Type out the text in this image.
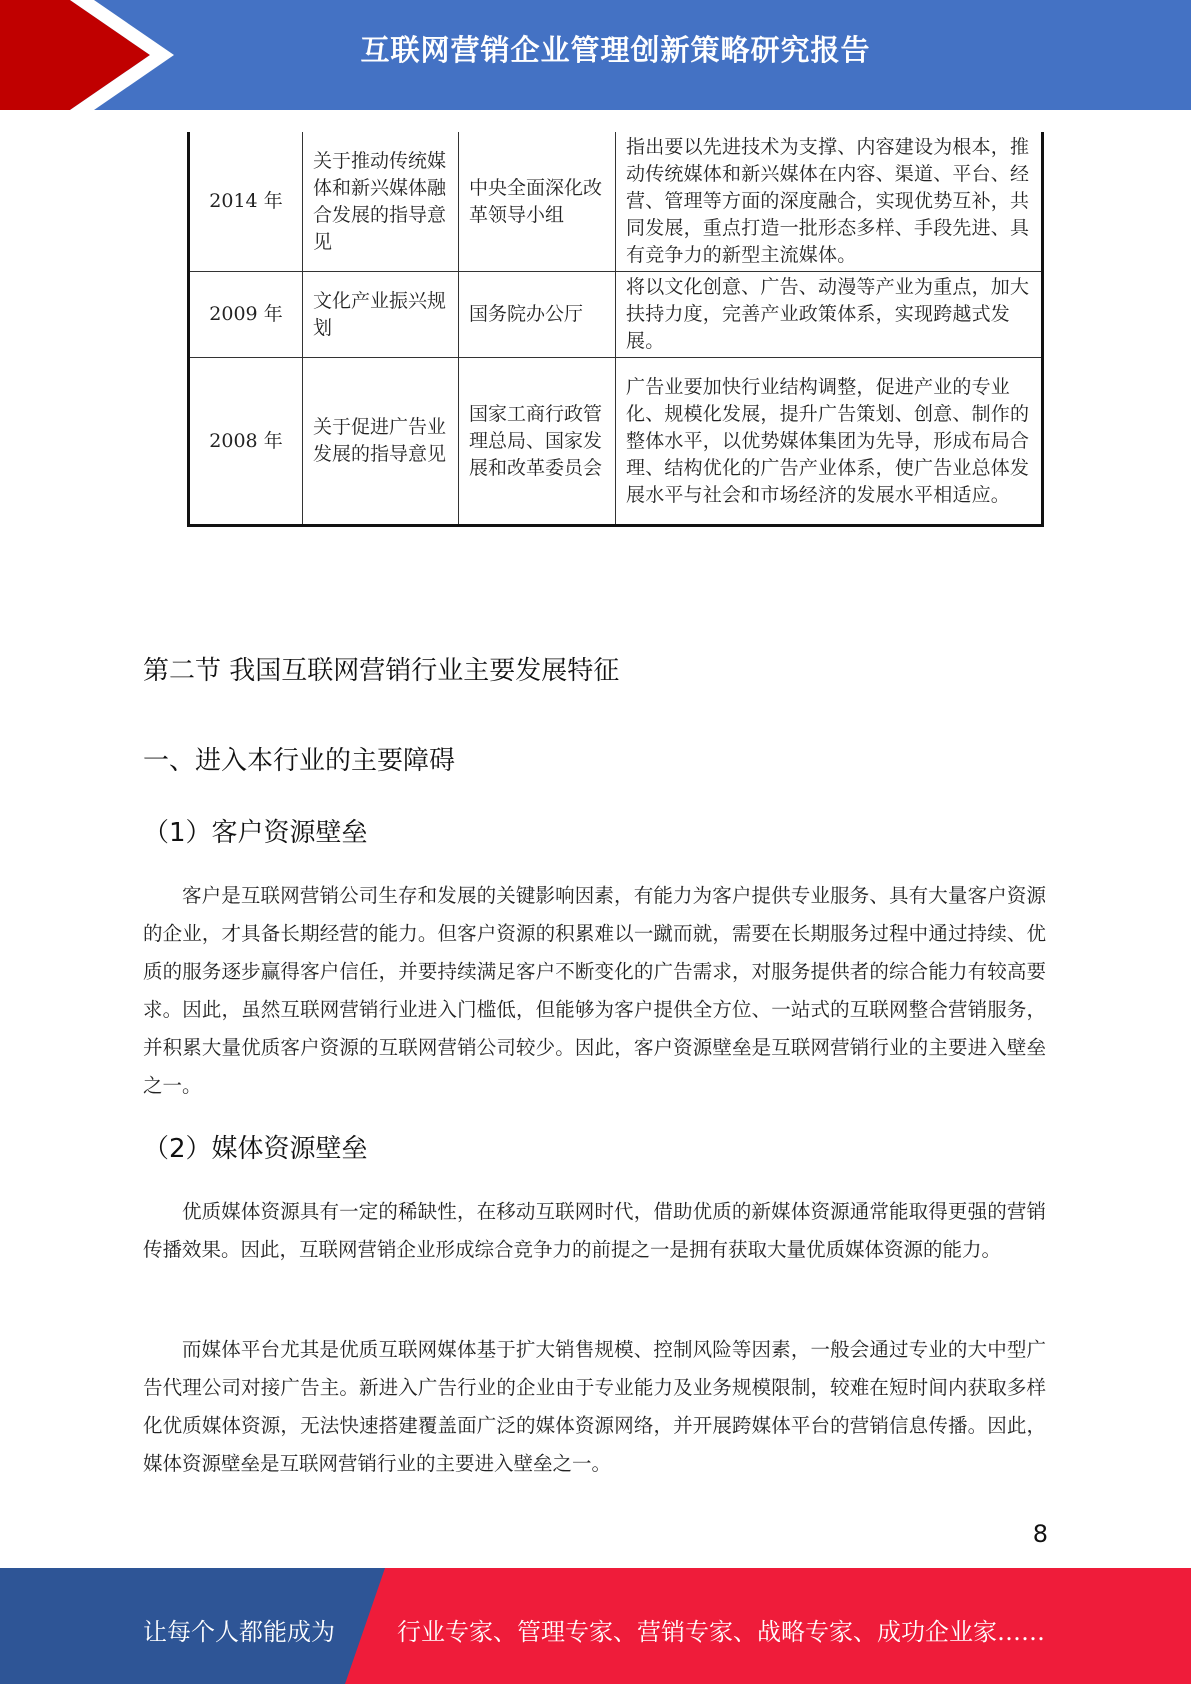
互联网营销企业管理创新策略研究报告
2014 年	关于推动传统媒体和新兴媒体融合发展的指导意见	中央全面深化改革领导小组	指出要以先进技术为支撑、内容建设为根本，推动传统媒体和新兴媒体在内容、渠道、平台、经营、管理等方面的深度融合，实现优势互补，共同发展，重点打造一批形态多样、手段先进、具有竞争力的新型主流媒体。
2009 年	文化产业振兴规划	国务院办公厅	将以文化创意、广告、动漫等产业为重点，加大扶持力度，完善产业政策体系，实现跨越式发展。
2008 年	关于促进广告业发展的指导意见	国家工商行政管理总局、国家发展和改革委员会	广告业要加快行业结构调整，促进产业的专业化、规模化发展，提升广告策划、创意、制作的整体水平，以优势媒体集团为先导，形成布局合理、结构优化的广告产业体系，使广告业总体发展水平与社会和市场经济的发展水平相适应。
第二节 我国互联网营销行业主要发展特征
一、进入本行业的主要障碍
（1）客户资源壁垒

客户是互联网营销公司生存和发展的关键影响因素，有能力为客户提供专业服务、具有大量客户资源的企业，才具备长期经营的能力。但客户资源的积累难以一蹴而就，需要在长期服务过程中通过持续、优质的服务逐步赢得客户信任，并要持续满足客户不断变化的广告需求，对服务提供者的综合能力有较高要求。因此，虽然互联网营销行业进入门槛低，但能够为客户提供全方位、一站式的互联网整合营销服务，并积累大量优质客户资源的互联网营销公司较少。因此，客户资源壁垒是互联网营销行业的主要进入壁垒之一。

（2）媒体资源壁垒

优质媒体资源具有一定的稀缺性，在移动互联网时代，借助优质的新媒体资源通常能取得更强的营销传播效果。因此，互联网营销企业形成综合竞争力的前提之一是拥有获取大量优质媒体资源的能力。

而媒体平台尤其是优质互联网媒体基于扩大销售规模、控制风险等因素，一般会通过专业的大中型广告代理公司对接广告主。新进入广告行业的企业由于专业能力及业务规模限制，较难在短时间内获取多样化优质媒体资源，无法快速搭建覆盖面广泛的媒体资源网络，并开展跨媒体平台的营销信息传播。因此，媒体资源壁垒是互联网营销行业的主要进入壁垒之一。

8
让每个人都能成为	行业专家、管理专家、营销专家、战略专家、成功企业家……
